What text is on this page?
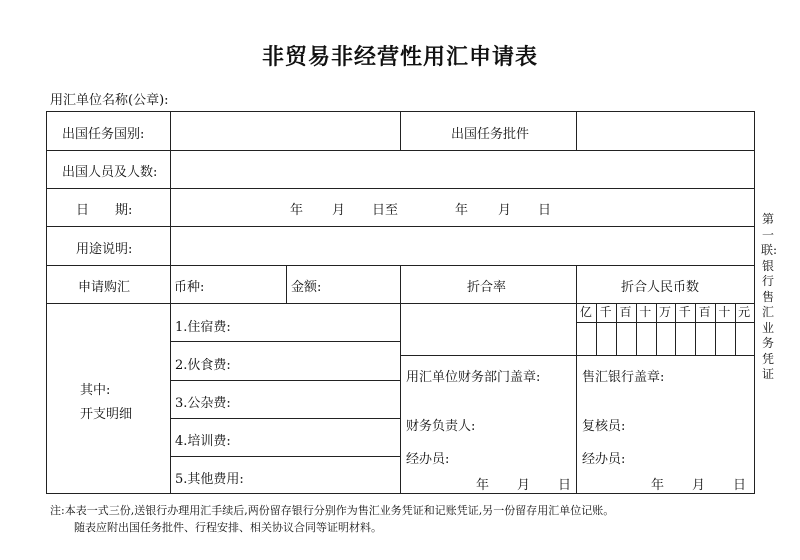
非贸易非经营性用汇申请表
用汇单位名称(公章):
出国任务国别:	出国任务批件
出国人员及人数:
日　　期:	年 月 日至	年 月 日
用途说明:
申请购汇	币种:	金额:	折合率	折合人民币数
亿 千 百 十 万 千 百 十 元
其中:
开支明细
1.住宿费:
2.伙食费:
3.公杂费:
4.培训费:
5.其他费用:
用汇单位财务部门盖章:	售汇银行盖章:
财务负责人:	复核员:
经办员:	经办员:
年 月 日	年 月 日
第一联:银行售汇业务凭证
注:本表一式三份,送银行办理用汇手续后,两份留存银行分别作为售汇业务凭证和记账凭证,另一份留存用汇单位记账。
随表应附出国任务批件、行程安排、相关协议合同等证明材料。
